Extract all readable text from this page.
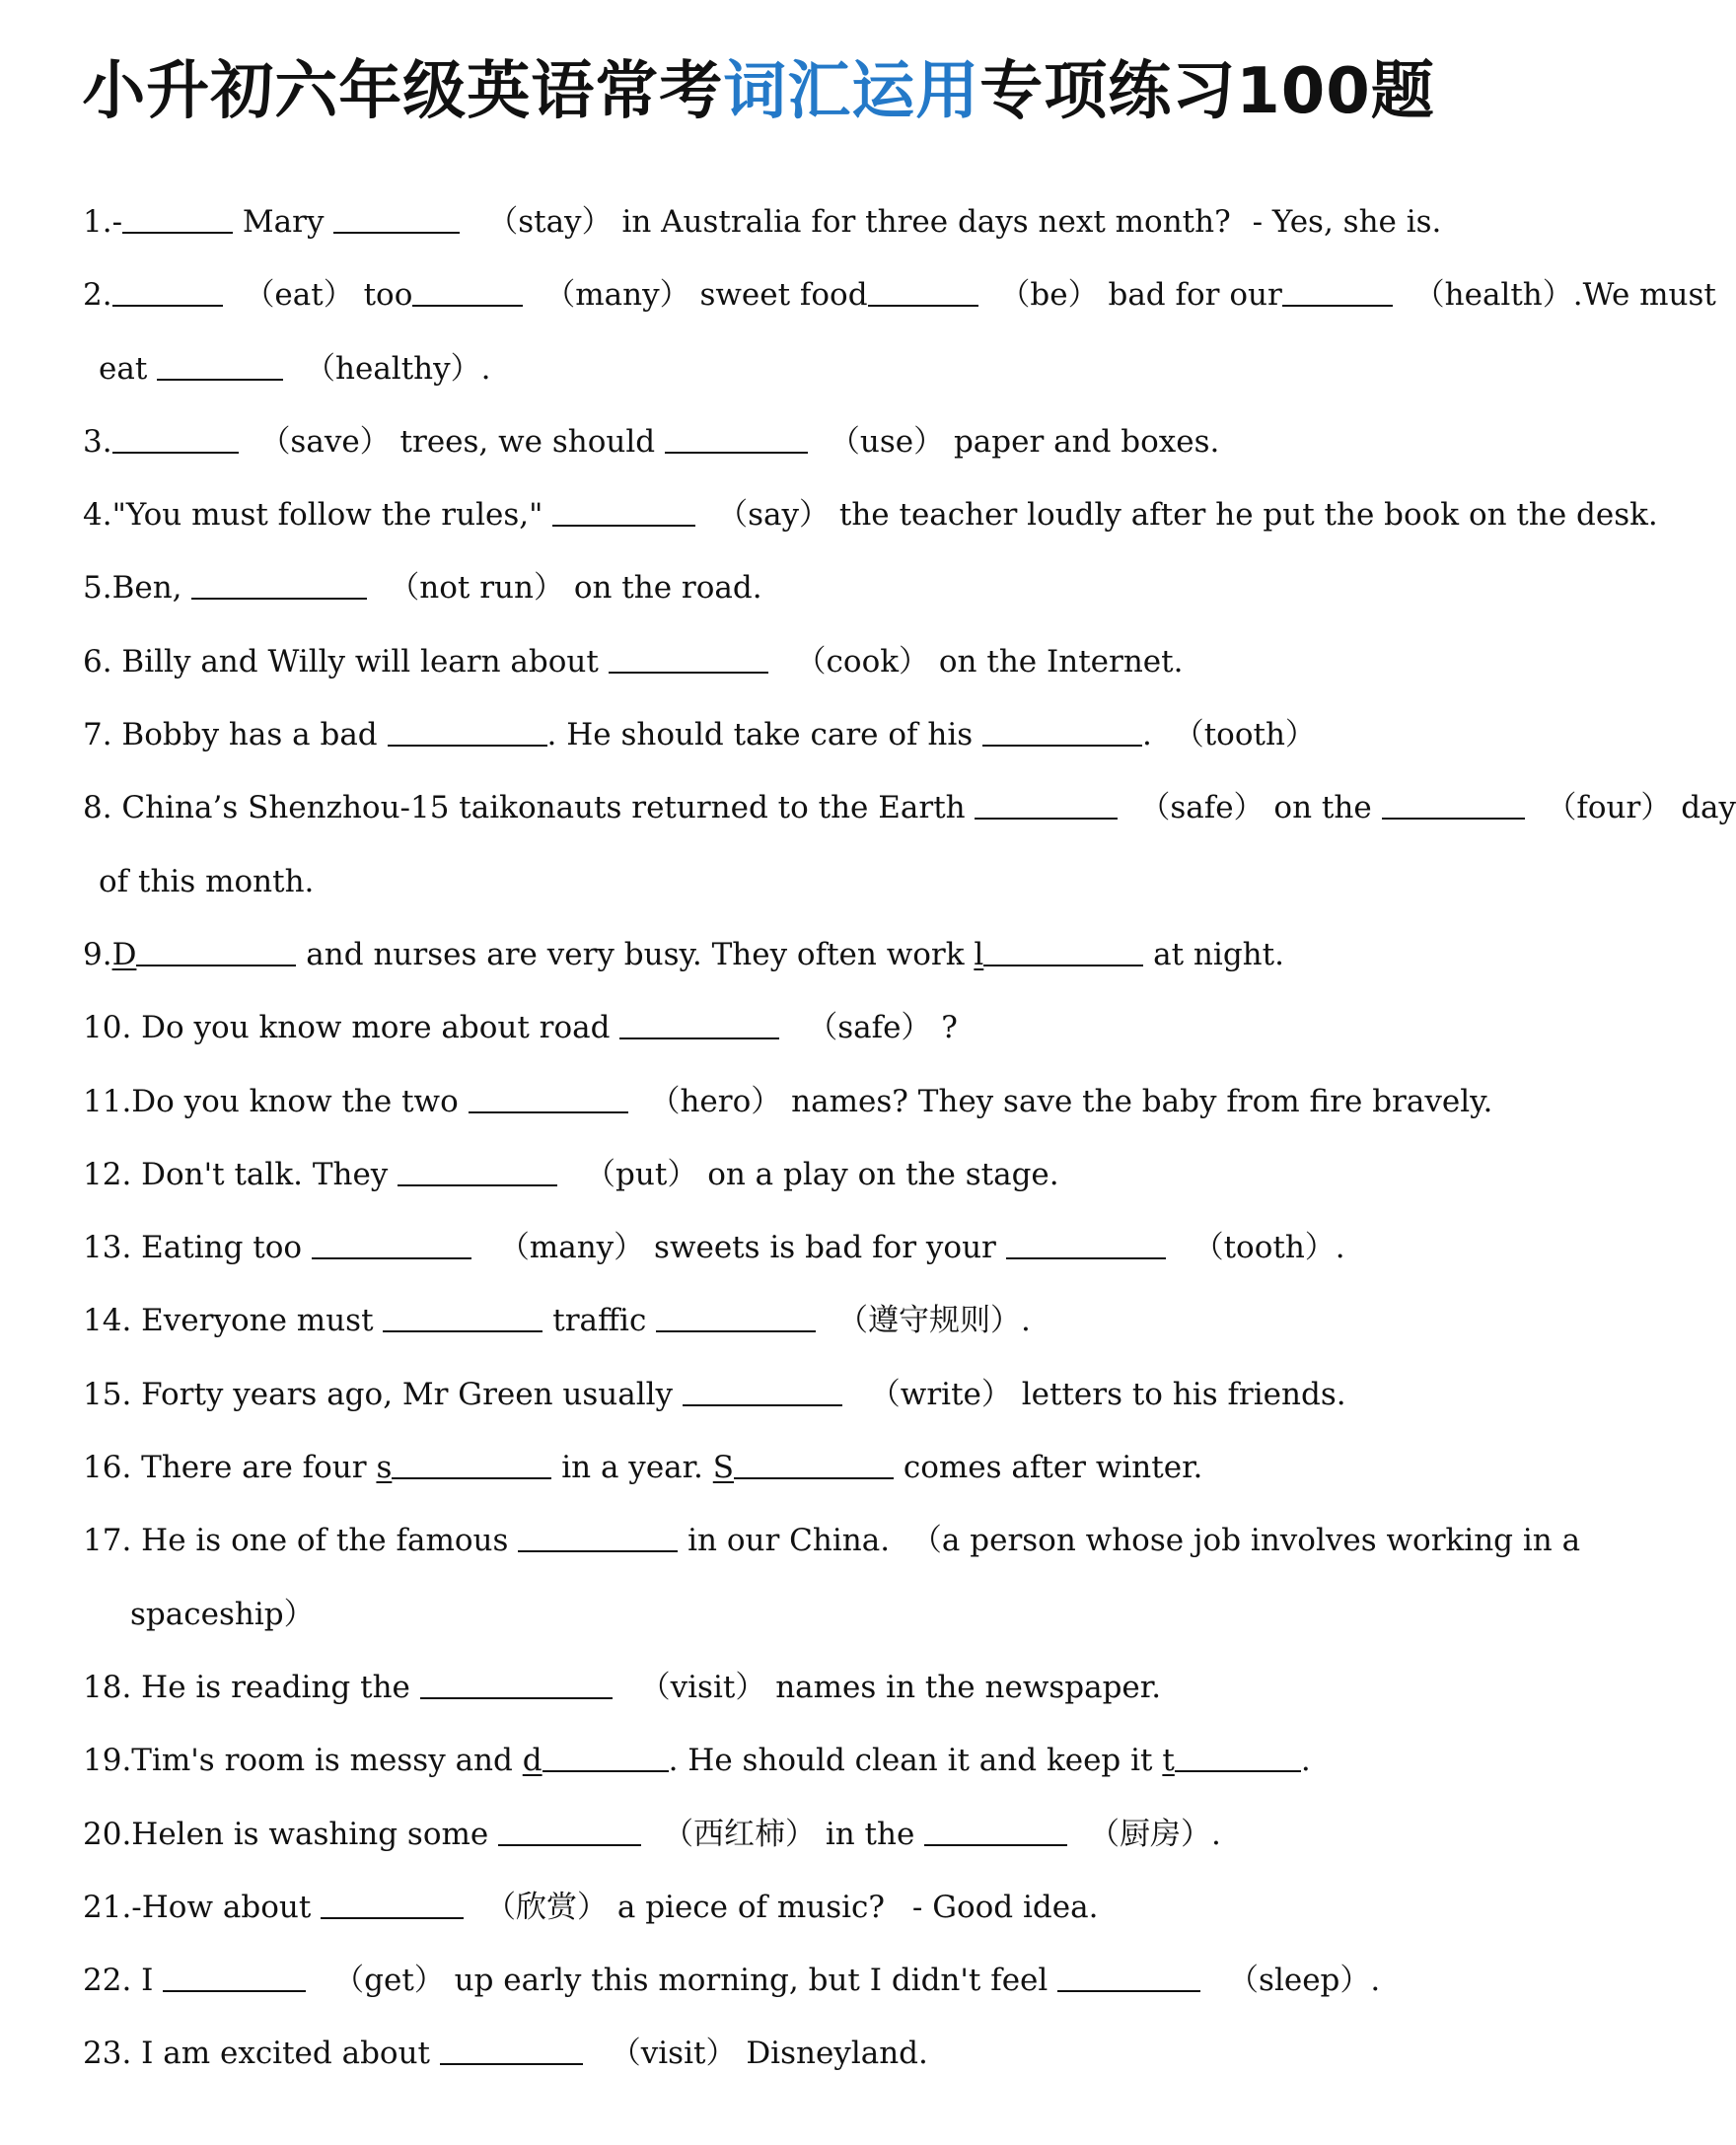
小升初六年级英语常考词汇运用专项练习100题
1.-	Mary	（stay） in Australia for three days next month? - Yes, she is.
2.	（eat） too	（many） sweet food	（be） bad for our	（health）.We must
eat	（healthy）.
3.	（save） trees, we should	（use） paper and boxes.
4."You must follow the rules,"	（say） the teacher loudly after he put the book on the desk.
5.Ben,	（not run） on the road.
6. Billy and Willy will learn about	（cook） on the Internet.
7. Bobby has a bad	. He should take care of his	. （tooth）
8. China’s Shenzhou-15 taikonauts returned to the Earth	（safe） on the	（four） day
of this month.
9.D	and nurses are very busy. They often work l	at night.
10. Do you know more about road	（safe） ?
11.Do you know the two	（hero） names? They save the baby from fire bravely.
12. Don't talk. They	（put） on a play on the stage.
13. Eating too	（many） sweets is bad for your	（tooth）.
14. Everyone must	traffic	（遵守规则）.
15. Forty years ago, Mr Green usually	（write） letters to his friends.
16. There are four s	in a year. S	comes after winter.
17. He is one of the famous	in our China. （a person whose job involves working in a
spaceship）
18. He is reading the	（visit） names in the newspaper.
19.Tim's room is messy and d	. He should clean it and keep it t	.
20.Helen is washing some	（西红柿） in the	（厨房）.
21.-How about	（欣赏） a piece of music? - Good idea.
22. I	（get） up early this morning, but I didn't feel	（sleep）.
23. I am excited about	（visit） Disneyland.
